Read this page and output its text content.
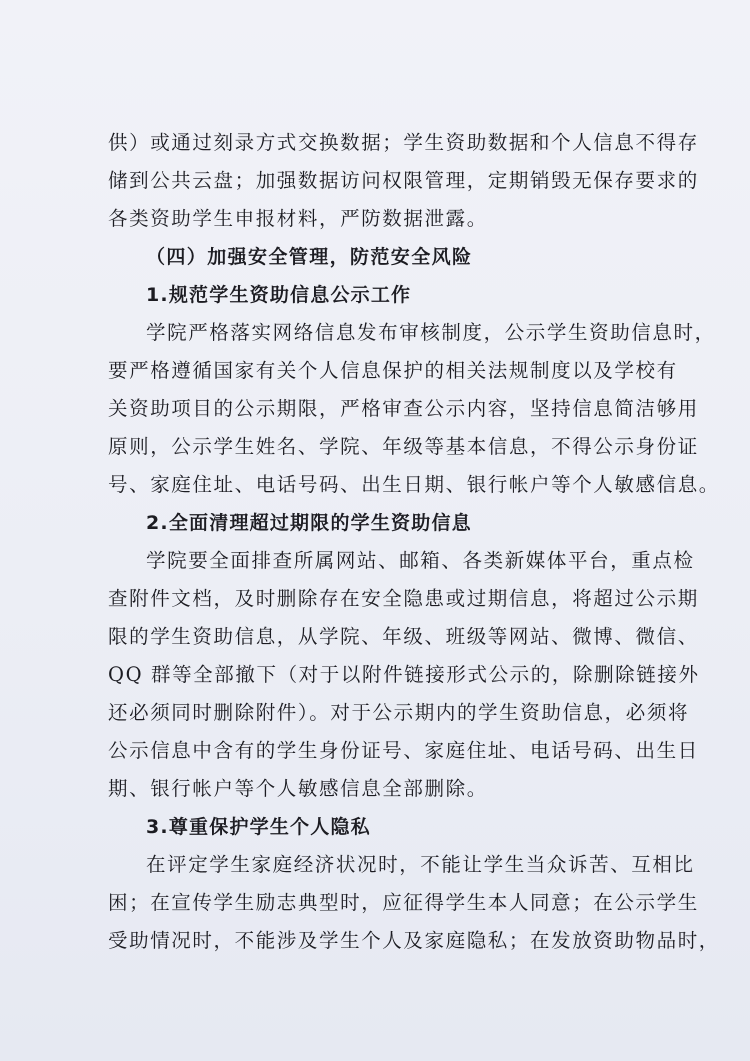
供）或通过刻录方式交换数据；学生资助数据和个人信息不得存
储到公共云盘；加强数据访问权限管理，定期销毁无保存要求的
各类资助学生申报材料，严防数据泄露。
（四）加强安全管理，防范安全风险
1.规范学生资助信息公示工作
学院严格落实网络信息发布审核制度，公示学生资助信息时，
要严格遵循国家有关个人信息保护的相关法规制度以及学校有
关资助项目的公示期限，严格审查公示内容，坚持信息简洁够用
原则，公示学生姓名、学院、年级等基本信息，不得公示身份证
号、家庭住址、电话号码、出生日期、银行帐户等个人敏感信息。
2.全面清理超过期限的学生资助信息
学院要全面排查所属网站、邮箱、各类新媒体平台，重点检
查附件文档，及时删除存在安全隐患或过期信息，将超过公示期
限的学生资助信息，从学院、年级、班级等网站、微博、微信、
QQ 群等全部撤下（对于以附件链接形式公示的，除删除链接外
还必须同时删除附件）。对于公示期内的学生资助信息，必须将
公示信息中含有的学生身份证号、家庭住址、电话号码、出生日
期、银行帐户等个人敏感信息全部删除。
3.尊重保护学生个人隐私
在评定学生家庭经济状况时，不能让学生当众诉苦、互相比
困；在宣传学生励志典型时，应征得学生本人同意；在公示学生
受助情况时，不能涉及学生个人及家庭隐私；在发放资助物品时，
